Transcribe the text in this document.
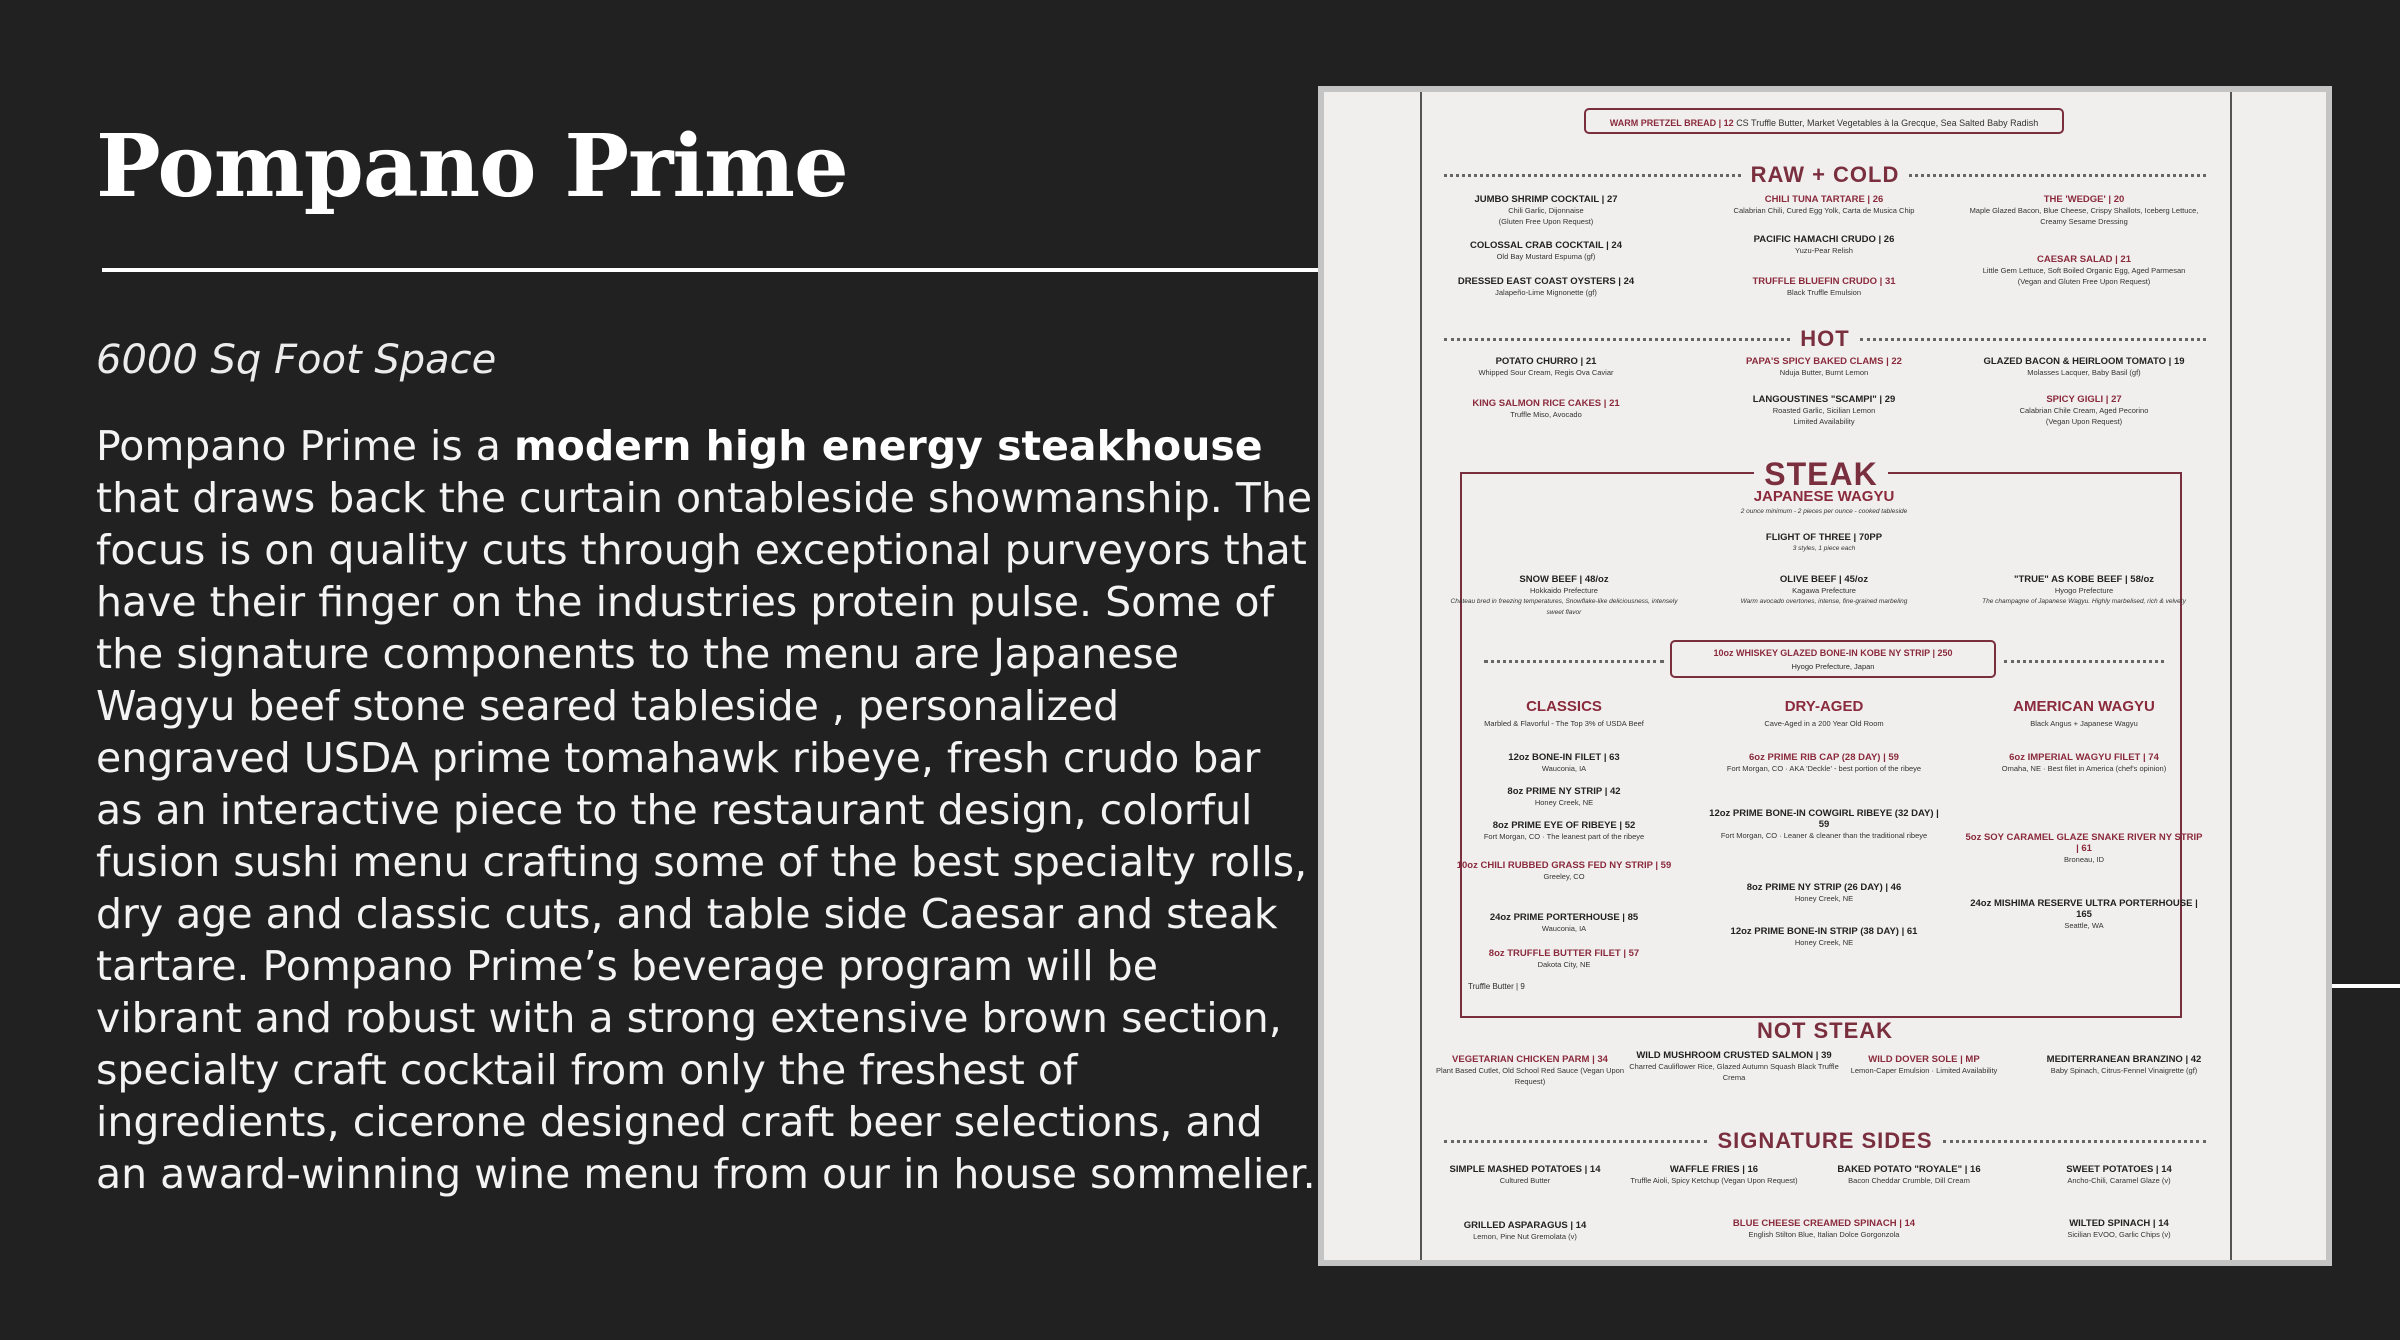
Pompano Prime

6000 Sq Foot Space

Pompano Prime is a modern high energy steakhouse that draws back the curtain ontableside showmanship. The focus is on quality cuts through exceptional purveyors that have their finger on the industries protein pulse. Some of the signature components to the menu are Japanese Wagyu beef stone seared tableside , personalized engraved USDA prime tomahawk ribeye, fresh crudo bar as an interactive piece to the restaurant design, colorful fusion sushi menu crafting some of the best specialty rolls, dry age and classic cuts, and table side Caesar and steak tartare. Pompano Prime’s beverage program will be vibrant and robust with a strong extensive brown section, specialty craft cocktail from only the freshest of ingredients, cicerone designed craft beer selections, and an award-winning wine menu from our in house sommelier.

WARM PRETZEL BREAD | 12 CS Truffle Butter, Market Vegetables à la Grecque, Sea Salted Baby Radish
RAW + COLD
JUMBO SHRIMP COCKTAIL | 27
Chili Garlic, Dijonnaise
(Gluten Free Upon Request)
COLOSSAL CRAB COCKTAIL | 24
Old Bay Mustard Espuma (gf)
DRESSED EAST COAST OYSTERS | 24
Jalapeño-Lime Mignonette (gf)
CHILI TUNA TARTARE | 26
Calabrian Chili, Cured Egg Yolk, Carta de Musica Chip
PACIFIC HAMACHI CRUDO | 26
Yuzu-Pear Relish
TRUFFLE BLUEFIN CRUDO | 31
Black Truffle Emulsion
THE 'WEDGE' | 20
Maple Glazed Bacon, Blue Cheese, Crispy Shallots, Iceberg Lettuce, Creamy Sesame Dressing
CAESAR SALAD | 21
Little Gem Lettuce, Soft Boiled Organic Egg, Aged Parmesan
(Vegan and Gluten Free Upon Request)
HOT
POTATO CHURRO | 21
Whipped Sour Cream, Regis Ova Caviar
KING SALMON RICE CAKES | 21
Truffle Miso, Avocado
PAPA'S SPICY BAKED CLAMS | 22
Nduja Butter, Burnt Lemon
LANGOUSTINES "SCAMPI" | 29
Roasted Garlic, Sicilian Lemon
Limited Availability
GLAZED BACON & HEIRLOOM TOMATO | 19
Molasses Lacquer, Baby Basil (gf)
SPICY GIGLI | 27
Calabrian Chile Cream, Aged Pecorino
(Vegan Upon Request)
STEAK
JAPANESE WAGYU
2 ounce minimum - 2 pieces per ounce - cooked tableside
FLIGHT OF THREE | 70PP
3 styles, 1 piece each
SNOW BEEF | 48/oz
Hokkaido Prefecture
Chateau bred in freezing temperatures, Snowflake-like deliciousness, intensely sweet flavor
OLIVE BEEF | 45/oz
Kagawa Prefecture
Warm avocado overtones, intense, fine-grained marbeling
"TRUE" AS KOBE BEEF | 58/oz
Hyogo Prefecture
The champagne of Japanese Wagyu. Highly marbelised, rich & velvety
10oz WHISKEY GLAZED BONE-IN KOBE NY STRIP | 250
Hyogo Prefecture, Japan
CLASSICS
Marbled & Flavorful - The Top 3% of USDA Beef
12oz BONE-IN FILET | 63
Wauconia, IA
8oz PRIME NY STRIP | 42
Honey Creek, NE
8oz PRIME EYE OF RIBEYE | 52
Fort Morgan, CO · The leanest part of the ribeye
10oz CHILI RUBBED GRASS FED NY STRIP | 59
Greeley, CO
24oz PRIME PORTERHOUSE | 85
Wauconia, IA
8oz TRUFFLE BUTTER FILET | 57
Dakota City, NE
Truffle Butter | 9
DRY-AGED
Cave-Aged in a 200 Year Old Room
6oz PRIME RIB CAP (28 DAY) | 59
Fort Morgan, CO · AKA 'Deckle' - best portion of the ribeye
12oz PRIME BONE-IN COWGIRL RIBEYE (32 DAY) | 59
Fort Morgan, CO · Leaner & cleaner than the traditional ribeye
8oz PRIME NY STRIP (26 DAY) | 46
Honey Creek, NE
12oz PRIME BONE-IN STRIP (38 DAY) | 61
Honey Creek, NE
AMERICAN WAGYU
Black Angus + Japanese Wagyu
6oz IMPERIAL WAGYU FILET | 74
Omaha, NE · Best filet in America (chef's opinion)
5oz SOY CARAMEL GLAZE SNAKE RIVER NY STRIP | 61
Broneau, ID
24oz MISHIMA RESERVE ULTRA PORTERHOUSE | 165
Seattle, WA
NOT STEAK
VEGETARIAN CHICKEN PARM | 34
Plant Based Cutlet, Old School Red Sauce (Vegan Upon Request)
WILD MUSHROOM CRUSTED SALMON | 39
Charred Cauliflower Rice, Glazed Autumn Squash Black Truffle Crema
WILD DOVER SOLE | MP
Lemon-Caper Emulsion · Limited Availability
MEDITERRANEAN BRANZINO | 42
Baby Spinach, Citrus-Fennel Vinaigrette (gf)
SIGNATURE SIDES
SIMPLE MASHED POTATOES | 14
Cultured Butter
WAFFLE FRIES | 16
Truffle Aioli, Spicy Ketchup (Vegan Upon Request)
BAKED POTATO "ROYALE" | 16
Bacon Cheddar Crumble, Dill Cream
SWEET POTATOES | 14
Ancho-Chili, Caramel Glaze (v)
GRILLED ASPARAGUS | 14
Lemon, Pine Nut Gremolata (v)
BLUE CHEESE CREAMED SPINACH | 14
English Stilton Blue, Italian Dolce Gorgonzola
WILTED SPINACH | 14
Sicilian EVOO, Garlic Chips (v)
